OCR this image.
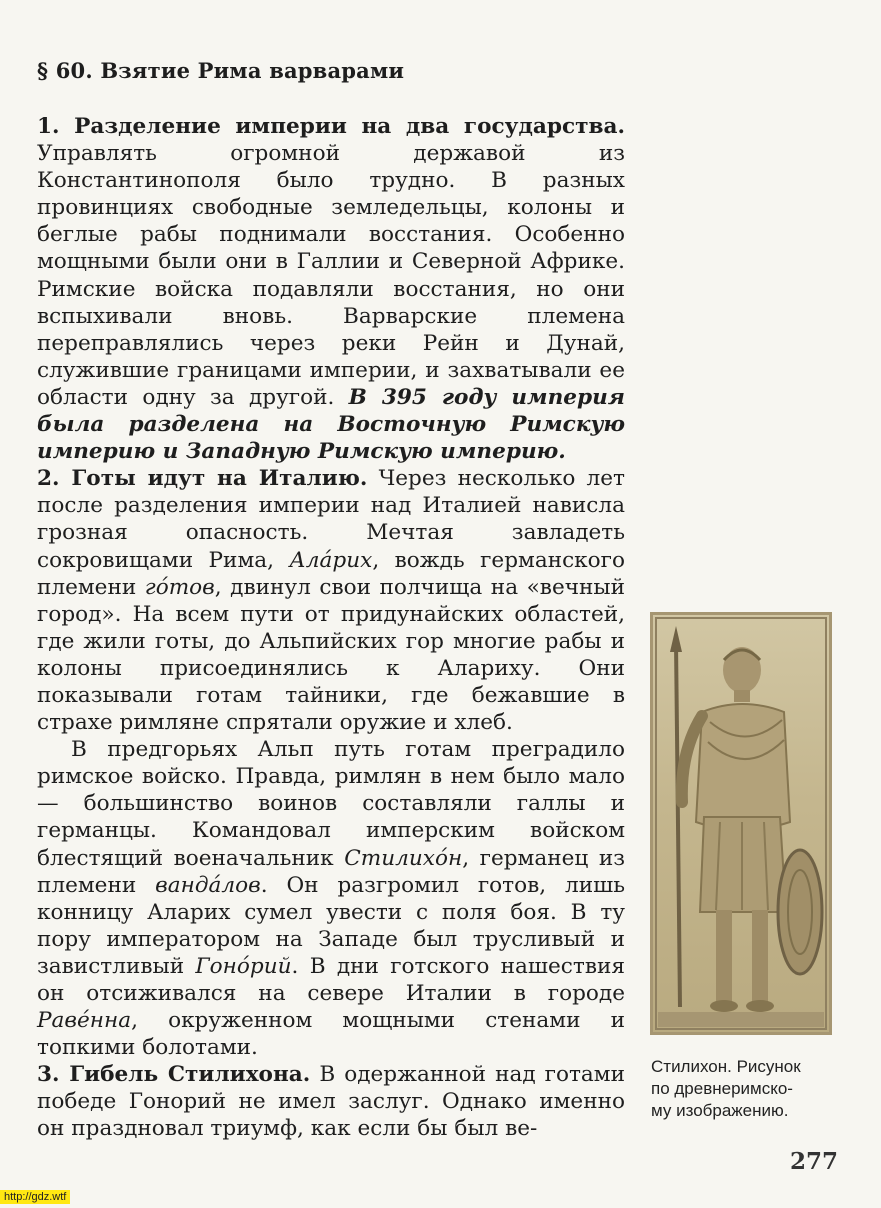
§ 60. Взятие Рима варварами

1. Разделение империи на два государства. Управлять огромной державой из Константинополя было трудно. В разных провинциях свободные земледельцы, колоны и беглые рабы поднимали восстания. Особенно мощными были они в Галлии и Северной Африке. Римские войска подавляли восстания, но они вспыхивали вновь. Варварские племена переправлялись через реки Рейн и Дунай, служившие границами империи, и захватывали ее области одну за другой. В 395 году империя была разделена на Восточную Римскую империю и Западную Римскую империю.

2. Готы идут на Италию. Через несколько лет после разделения империи над Италией нависла грозная опасность. Мечтая завладеть сокровищами Рима, Ала́рих, вождь германского племени го́тов, двинул свои полчища на «вечный город». На всем пути от придунайских областей, где жили готы, до Альпийских гор многие рабы и колоны присоединялись к Алариху. Они показывали готам тайники, где бежавшие в страхе римляне спрятали оружие и хлеб.

В предгорьях Альп путь готам преградило римское войско. Правда, римлян в нем было мало — большинство воинов составляли галлы и германцы. Командовал имперским войском блестящий военачальник Стилихо́н, германец из племени ванда́лов. Он разгромил готов, лишь конницу Аларих сумел увести с поля боя. В ту пору императором на Западе был трусливый и завистливый Гоно́рий. В дни готского нашествия он отсиживался на севере Италии в городе Раве́нна, окруженном мощными стенами и топкими болотами.

3. Гибель Стилихона. В одержанной над готами победе Гонорий не имел заслуг. Однако именно он праздновал триумф, как если бы был ве-

Стилихон. Рисунок
по древнеримско-
му изображению.
277
http://gdz.wtf
